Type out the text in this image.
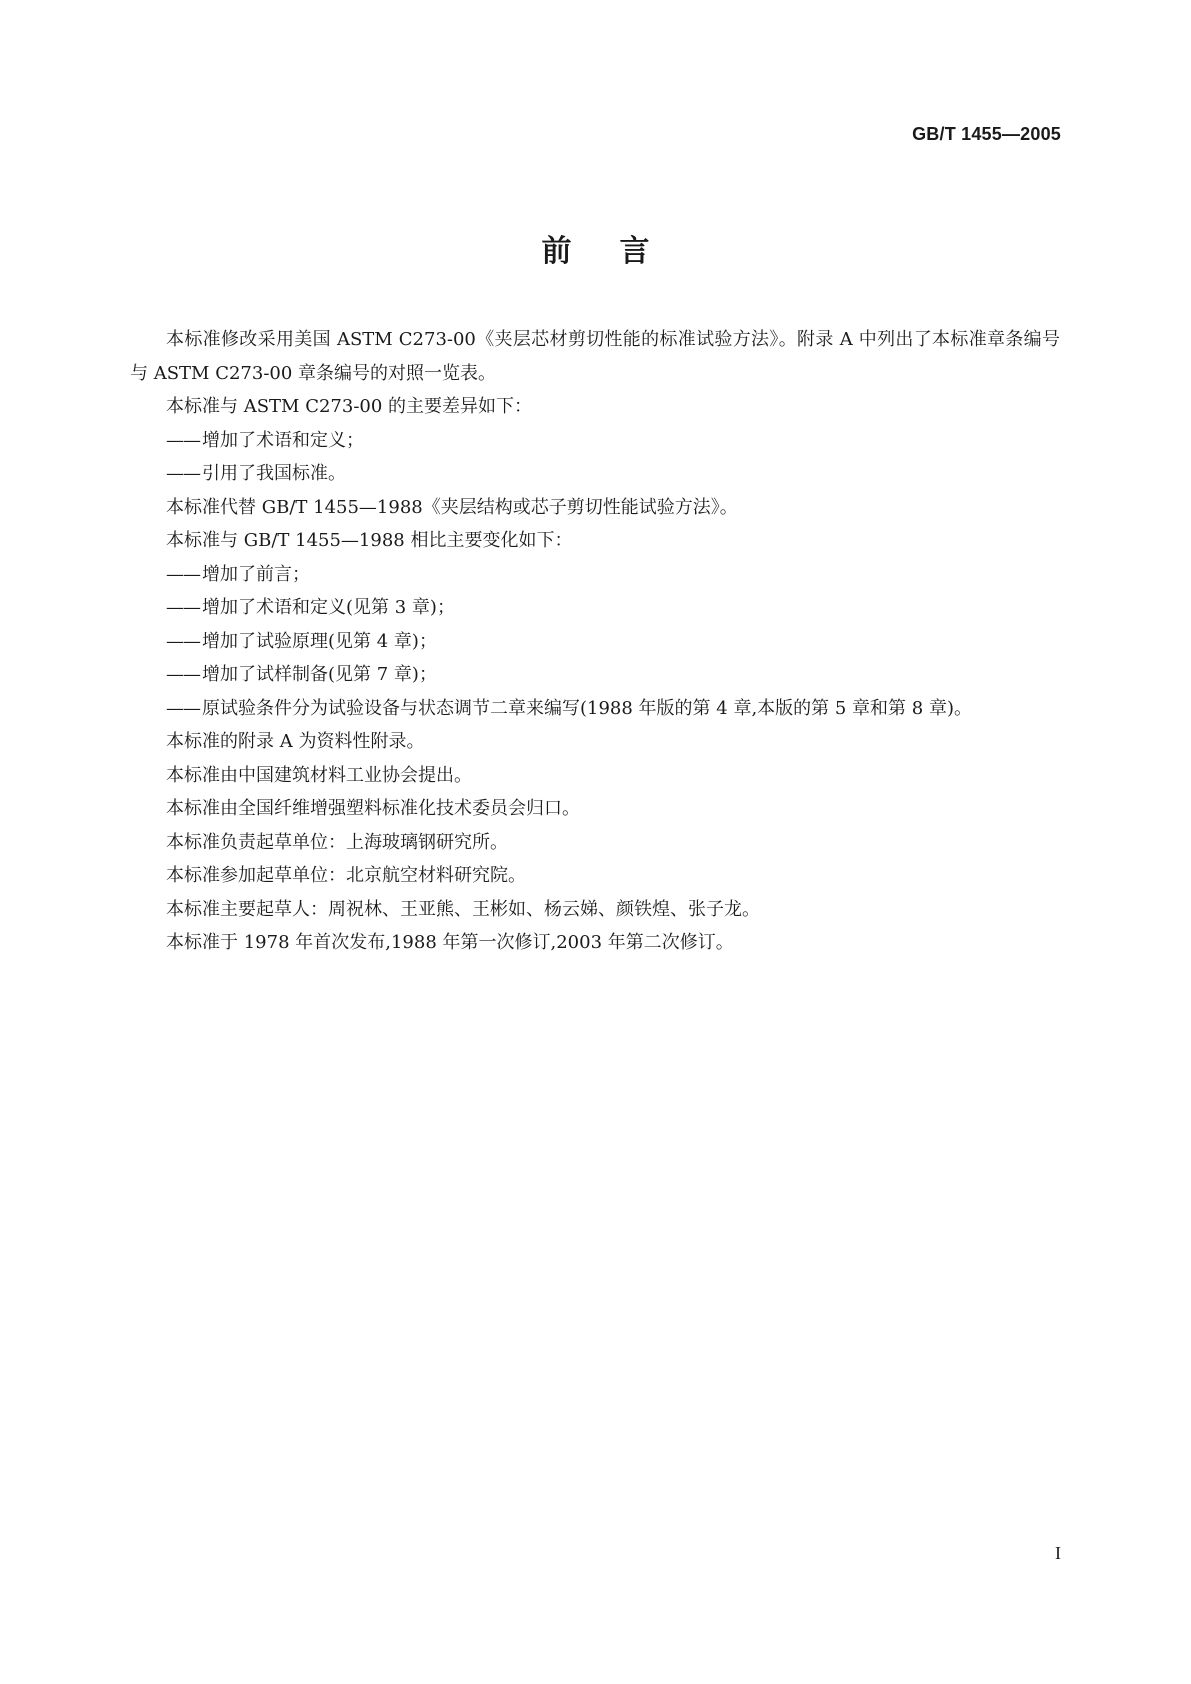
GB/T 1455—2005
前言

本标准修改采用美国 ASTM C273-00《夹层芯材剪切性能的标准试验方法》。附录 A 中列出了本标准章条编号与 ASTM C273-00 章条编号的对照一览表。

本标准与 ASTM C273-00 的主要差异如下：

—— 增加了术语和定义；

—— 引用了我国标准。

本标准代替 GB/T 1455—1988《夹层结构或芯子剪切性能试验方法》。

本标准与 GB/T 1455—1988 相比主要变化如下：

—— 增加了前言；

—— 增加了术语和定义(见第 3 章)；

—— 增加了试验原理(见第 4 章)；

—— 增加了试样制备(见第 7 章)；

—— 原试验条件分为试验设备与状态调节二章来编写(1988 年版的第 4 章,本版的第 5 章和第 8 章)。

本标准的附录 A 为资料性附录。

本标准由中国建筑材料工业协会提出。

本标准由全国纤维增强塑料标准化技术委员会归口。

本标准负责起草单位：上海玻璃钢研究所。

本标准参加起草单位：北京航空材料研究院。

本标准主要起草人：周祝林、王亚熊、王彬如、杨云娣、颜铁煌、张子龙。

本标准于 1978 年首次发布,1988 年第一次修订,2003 年第二次修订。

I
